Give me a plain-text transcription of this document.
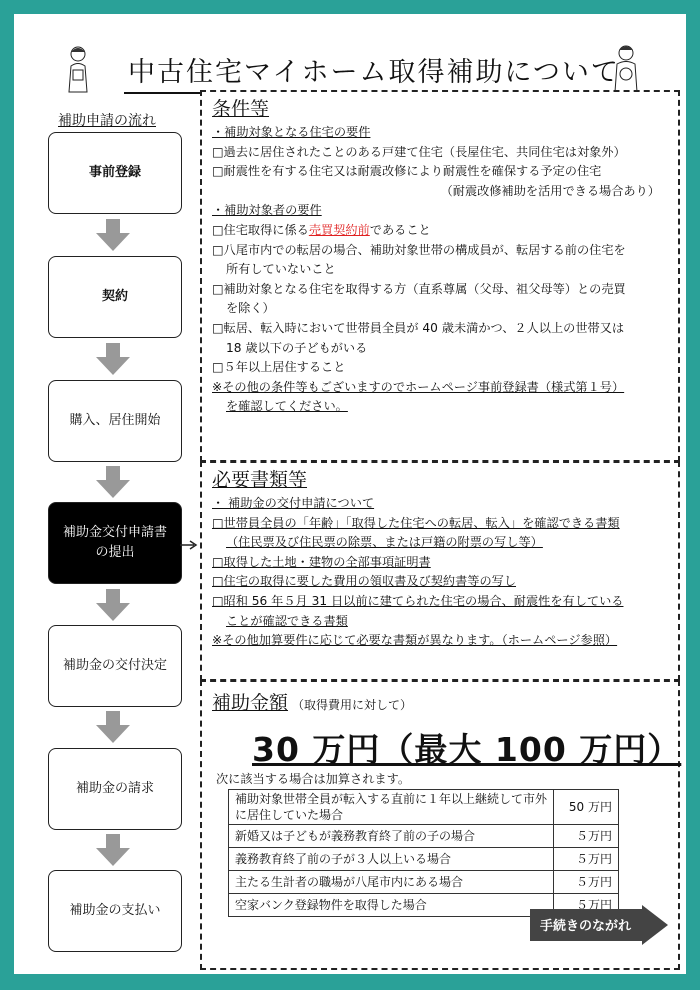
中古住宅マイホーム取得補助について
補助申請の流れ
事前登録
契約
購入、居住開始
補助金交付申請書
の提出
補助金の交付決定
補助金の請求
補助金の支払い
条件等
・補助対象となる住宅の要件
□過去に居住されたことのある戸建て住宅（長屋住宅、共同住宅は対象外）
□耐震性を有する住宅又は耐震改修により耐震性を確保する予定の住宅
（耐震改修補助を活用できる場合あり）
・補助対象者の要件
□住宅取得に係る売買契約前であること
□八尾市内での転居の場合、補助対象世帯の構成員が、転居する前の住宅を
所有していないこと
□補助対象となる住宅を取得する方（直系尊属（父母、祖父母等）との売買
を除く）
□転居、転入時において世帯員全員が 40 歳未満かつ、２人以上の世帯又は
18 歳以下の子どもがいる
□５年以上居住すること
※その他の条件等もございますのでホームページ事前登録書（様式第１号）
を確認してください。
必要書類等
・ 補助金の交付申請について
□世帯員全員の「年齢」「取得した住宅への転居、転入」を確認できる書類
（住民票及び住民票の除票、または戸籍の附票の写し等）
□取得した土地・建物の全部事項証明書
□住宅の取得に要した費用の領収書及び契約書等の写し
□昭和 56 年５月 31 日以前に建てられた住宅の場合、耐震性を有している
ことが確認できる書類
※その他加算要件に応じて必要な書類が異なります。（ホームページ参照）
補助金額 （取得費用に対して）
30 万円（最大 100 万円）
次に該当する場合は加算されます。
補助対象世帯全員が転入する直前に１年以上継続して市外
に居住していた場合	50 万円
新婚又は子どもが義務教育終了前の子の場合	５万円
義務教育終了前の子が３人以上いる場合	５万円
主たる生計者の職場が八尾市内にある場合	５万円
空家バンク登録物件を取得した場合	５万円
手続きのながれ
